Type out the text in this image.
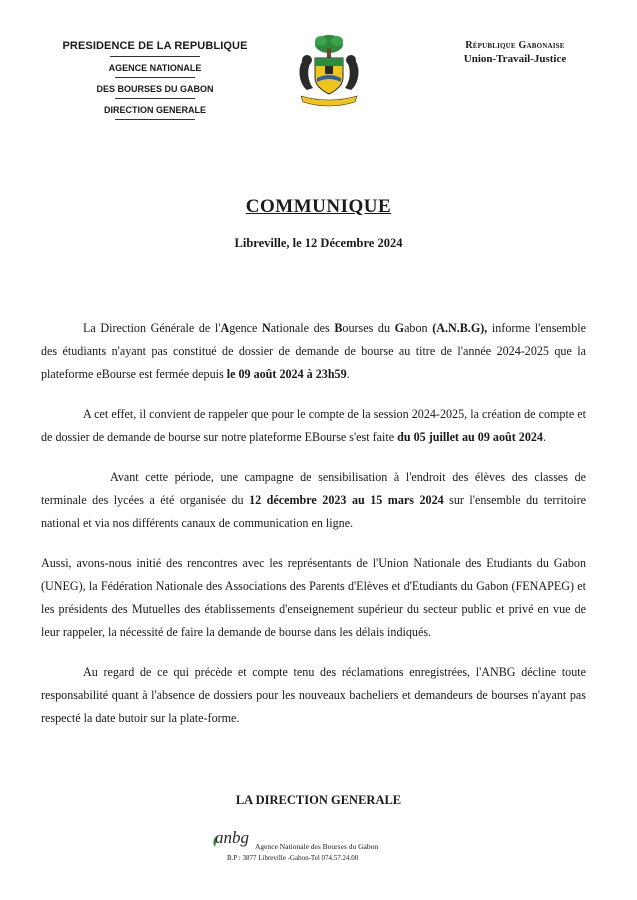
PRESIDENCE DE LA REPUBLIQUE
AGENCE NATIONALE
DES BOURSES DU GABON
DIRECTION GENERALE
République Gabonaise
Union-Travail-Justice
COMMUNIQUE
Libreville, le 12 Décembre 2024

La Direction Générale de l'Agence Nationale des Bourses du Gabon (A.N.B.G), informe l'ensemble des étudiants n'ayant pas constitué de dossier de demande de bourse au titre de l'année 2024-2025 que la plateforme eBourse est fermée depuis le 09 août 2024 à 23h59.

A cet effet, il convient de rappeler que pour le compte de la session 2024-2025, la création de compte et de dossier de demande de bourse sur notre plateforme EBourse s'est faite du 05 juillet au 09 août 2024.

Avant cette période, une campagne de sensibilisation à l'endroit des élèves des classes de terminale des lycées a été organisée du 12 décembre 2023 au 15 mars 2024 sur l'ensemble du territoire national et via nos différents canaux de communication en ligne.

Aussi, avons-nous initié des rencontres avec les représentants de l'Union Nationale des Etudiants du Gabon (UNEG), la Fédération Nationale des Associations des Parents d'Elèves et d'Etudiants du Gabon (FENAPEG) et les présidents des Mutuelles des établissements d'enseignement supérieur du secteur public et privé en vue de leur rappeler, la nécessité de faire la demande de bourse dans les délais indiqués.

Au regard de ce qui précède et compte tenu des réclamations enregistrées, l'ANBG décline toute responsabilité quant à l'absence de dossiers pour les nouveaux bacheliers et demandeurs de bourses n'ayant pas respecté la date butoir sur la plate-forme.

LA DIRECTION GENERALE
anbg Agence Nationale des Bourses du Gabon
B.P : 3877 Libreville -Gabon-Tel 074.57.24.00
